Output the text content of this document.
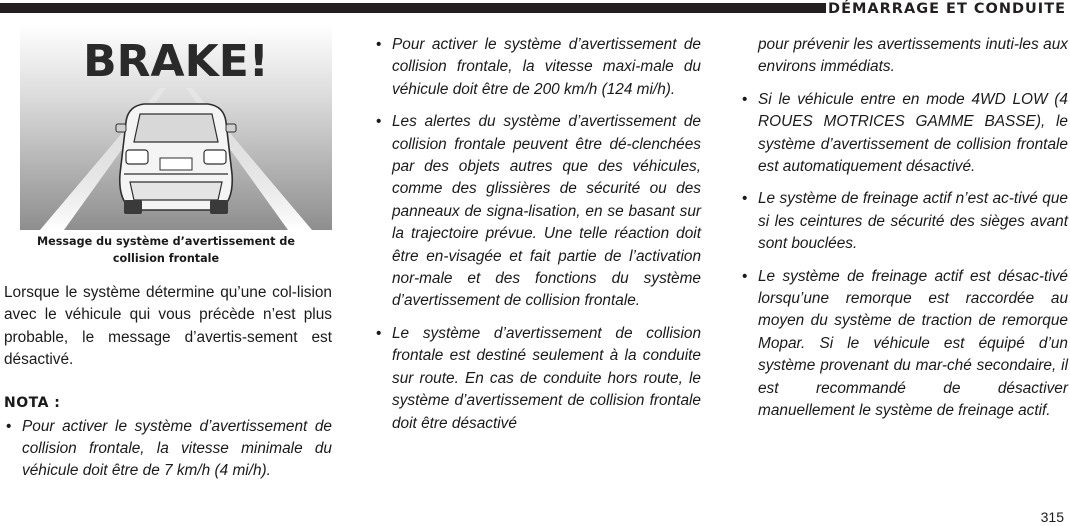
DÉMARRAGE ET CONDUITE
BRAKE!
Message du système d’avertissement de
collision frontale

Lorsque le système détermine qu’une col-lision avec le véhicule qui vous précède n’est plus probable, le message d’avertis-sement est désactivé.

NOTA :
• Pour activer le système d’avertissement de collision frontale, la vitesse minimale du véhicule doit être de 7 km/h (4 mi/h).
• Pour activer le système d’avertissement de collision frontale, la vitesse maxi-male du véhicule doit être de 200 km/h (124 mi/h).
• Les alertes du système d’avertissement de collision frontale peuvent être dé-clenchées par des objets autres que des véhicules, comme des glissières de sécurité ou des panneaux de signa-lisation, en se basant sur la trajectoire prévue. Une telle réaction doit être en-visagée et fait partie de l’activation nor-male et des fonctions du système d’avertissement de collision frontale.
• Le système d’avertissement de collision frontale est destiné seulement à la conduite sur route. En cas de conduite hors route, le système d’avertissement de collision frontale doit être désactivé

pour prévenir les avertissements inuti-les aux environs immédiats.

• Si le véhicule entre en mode 4WD LOW (4 ROUES MOTRICES GAMME BASSE), le système d’avertissement de collision frontale est automatiquement désactivé.
• Le système de freinage actif n’est ac-tivé que si les ceintures de sécurité des sièges avant sont bouclées.
• Le système de freinage actif est désac-tivé lorsqu’une remorque est raccordée au moyen du système de traction de remorque Mopar. Si le véhicule est équipé d’un système provenant du mar-ché secondaire, il est recommandé de désactiver manuellement le système de freinage actif.
315
